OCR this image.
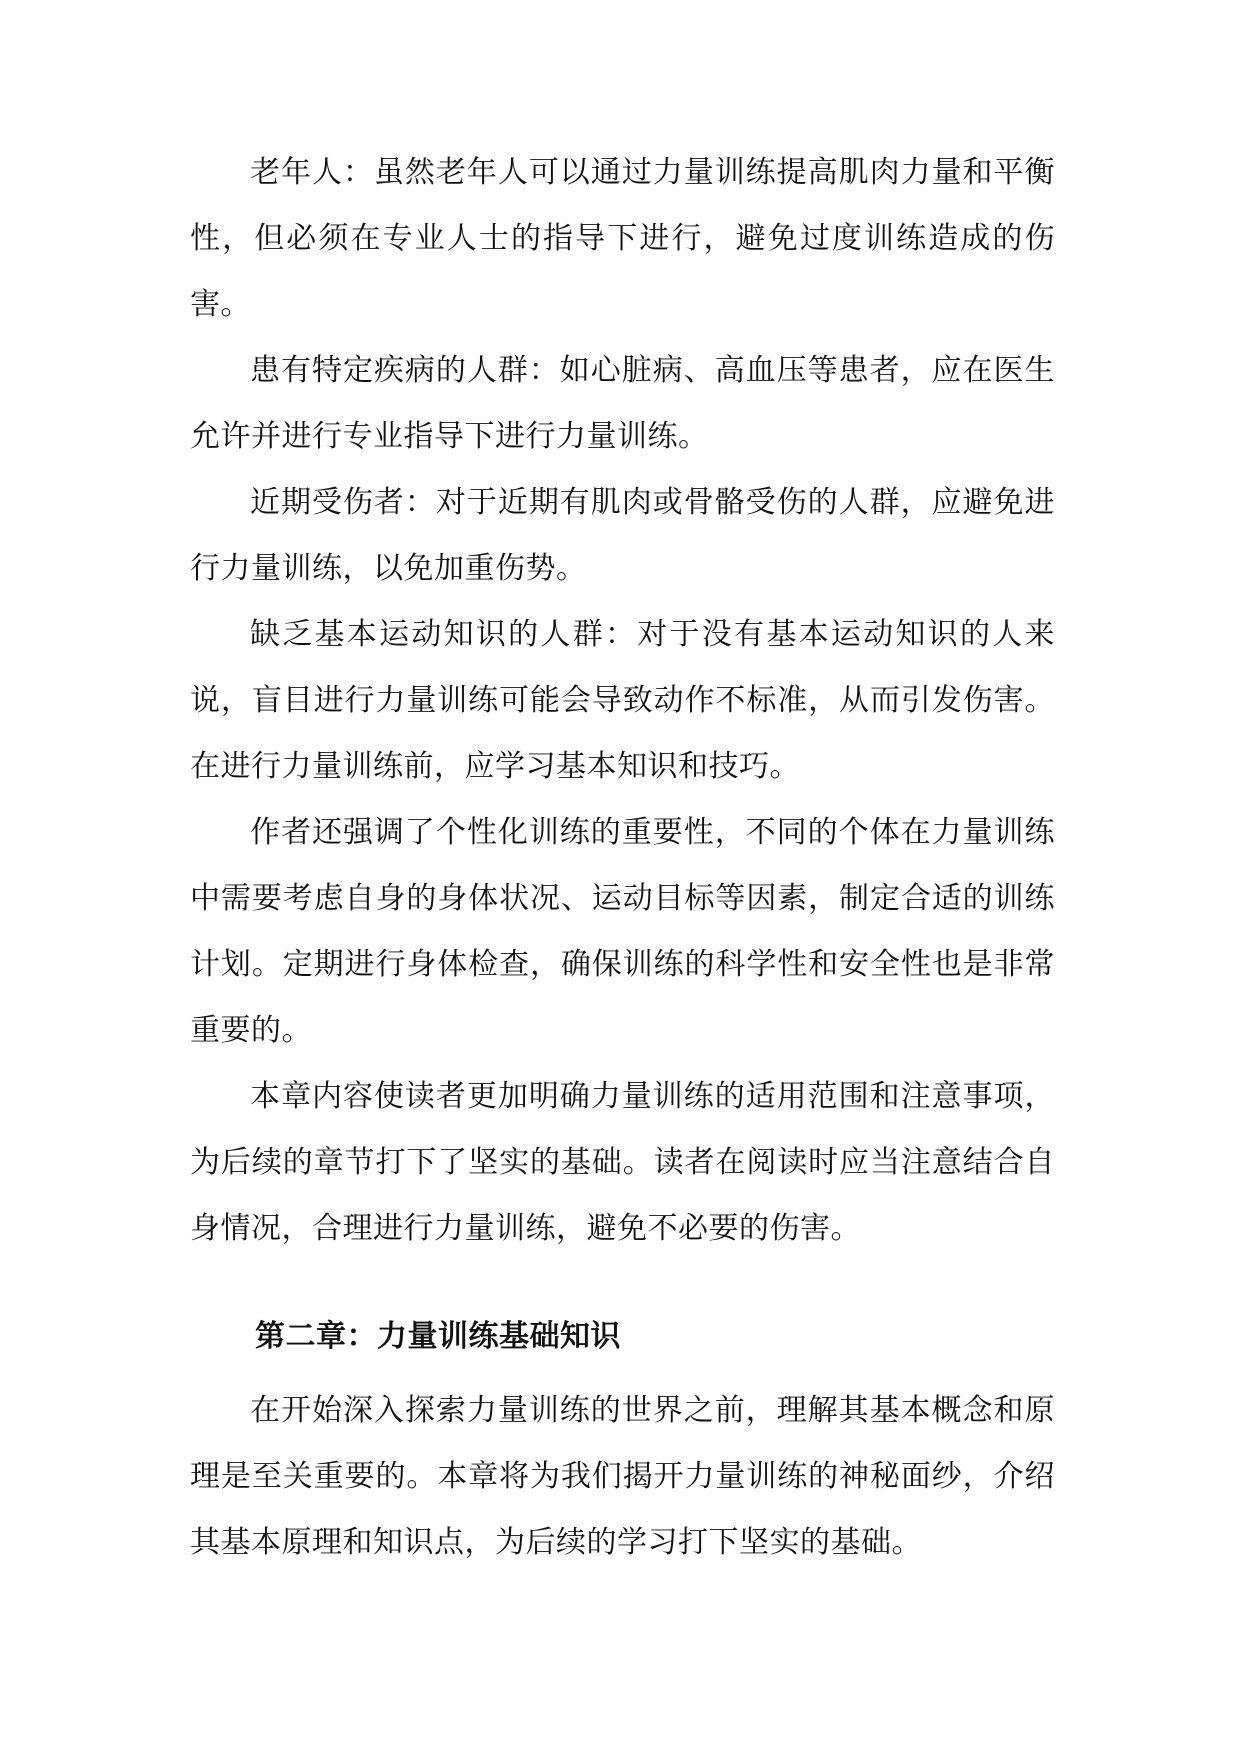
老年人：虽然老年人可以通过力量训练提高肌肉力量和平衡性，但必须在专业人士的指导下进行，避免过度训练造成的伤害。

患有特定疾病的人群：如心脏病、高血压等患者，应在医生允许并进行专业指导下进行力量训练。

近期受伤者：对于近期有肌肉或骨骼受伤的人群，应避免进行力量训练，以免加重伤势。

缺乏基本运动知识的人群：对于没有基本运动知识的人来说，盲目进行力量训练可能会导致动作不标准，从而引发伤害。在进行力量训练前，应学习基本知识和技巧。

作者还强调了个性化训练的重要性，不同的个体在力量训练中需要考虑自身的身体状况、运动目标等因素，制定合适的训练计划。定期进行身体检查，确保训练的科学性和安全性也是非常重要的。

本章内容使读者更加明确力量训练的适用范围和注意事项，为后续的章节打下了坚实的基础。读者在阅读时应当注意结合自身情况，合理进行力量训练，避免不必要的伤害。

第二章：力量训练基础知识

在开始深入探索力量训练的世界之前，理解其基本概念和原理是至关重要的。本章将为我们揭开力量训练的神秘面纱，介绍其基本原理和知识点，为后续的学习打下坚实的基础。
